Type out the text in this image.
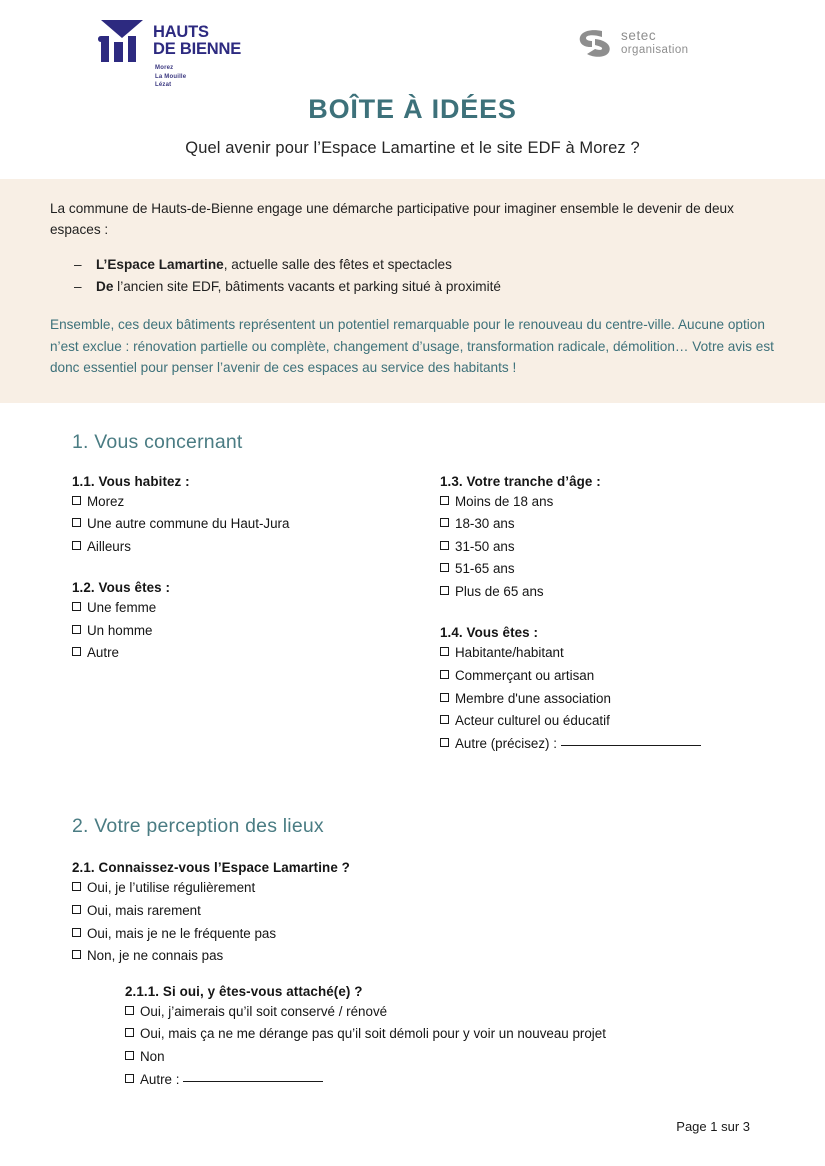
HAUTS
DE BIENNE
Morez
La Mouille
Lézat
setec
organisation
BOÎTE À IDÉES
Quel avenir pour l’Espace Lamartine et le site EDF à Morez ?

La commune de Hauts-de-Bienne engage une démarche participative pour imaginer ensemble le devenir de deux espaces :

– L’Espace Lamartine, actuelle salle des fêtes et spectacles
– De l’ancien site EDF, bâtiments vacants et parking situé à proximité

Ensemble, ces deux bâtiments représentent un potentiel remarquable pour le renouveau du centre-ville. Aucune option n’est exclue : rénovation partielle ou complète, changement d’usage, transformation radicale, démolition… Votre avis est donc essentiel pour penser l’avenir de ces espaces au service des habitants !

1. Vous concernant
1.1. Vous habitez :
Morez
Une autre commune du Haut-Jura
Ailleurs
1.2. Vous êtes :
Une femme
Un homme
Autre
1.3. Votre tranche d’âge :
Moins de 18 ans
18-30 ans
31-50 ans
51-65 ans
Plus de 65 ans
1.4. Vous êtes :
Habitante/habitant
Commerçant ou artisan
Membre d'une association
Acteur culturel ou éducatif
Autre (précisez) :
2. Votre perception des lieux
2.1. Connaissez-vous l’Espace Lamartine ?
Oui, je l’utilise régulièrement
Oui, mais rarement
Oui, mais je ne le fréquente pas
Non, je ne connais pas
2.1.1. Si oui, y êtes-vous attaché(e) ?
Oui, j’aimerais qu’il soit conservé / rénové
Oui, mais ça ne me dérange pas qu’il soit démoli pour y voir un nouveau projet
Non
Autre :
Page 1 sur 3
